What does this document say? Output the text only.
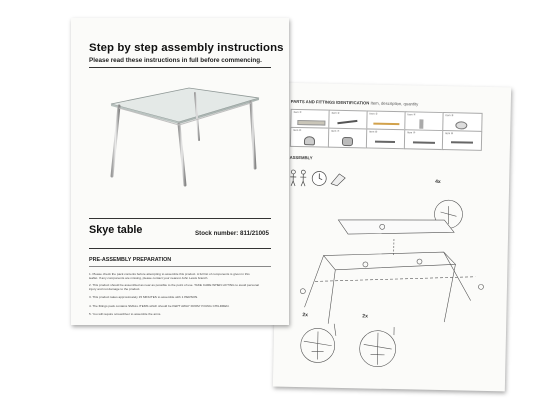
PARTS AND FITTINGS IDENTIFICATION Item, description, quantity
Item ①	Item ②	Item ③	Item ④	Item ⑤
Item ⑥	Item ⑦	Item ⑧	Item ⑨	Item ⑩
ASSEMBLY
4x
2x	2x
Step by step assembly instructions
Please read these instructions in full before commencing.
Skye table	Stock number: 811/21005
PRE-ASSEMBLY PREPARATION
1. Please check the pack contents before attempting to assemble this product. A full list of components is given in this
leaflet. If any components are missing, please contact your nearest John Lewis branch.
2. This product should be assembled as near as possible to the point of use. TAKE CARE WHEN LIFTING to avoid personal
injury and not damage to the product.
3. This product takes approximately 15 MINUTES to assemble with 1 PERSON.
4. The fittings pack contains SMALL ITEMS which should be KEPT AWAY FROM YOUNG CHILDREN.
5. You will require screwdriver to assemble the arms.
